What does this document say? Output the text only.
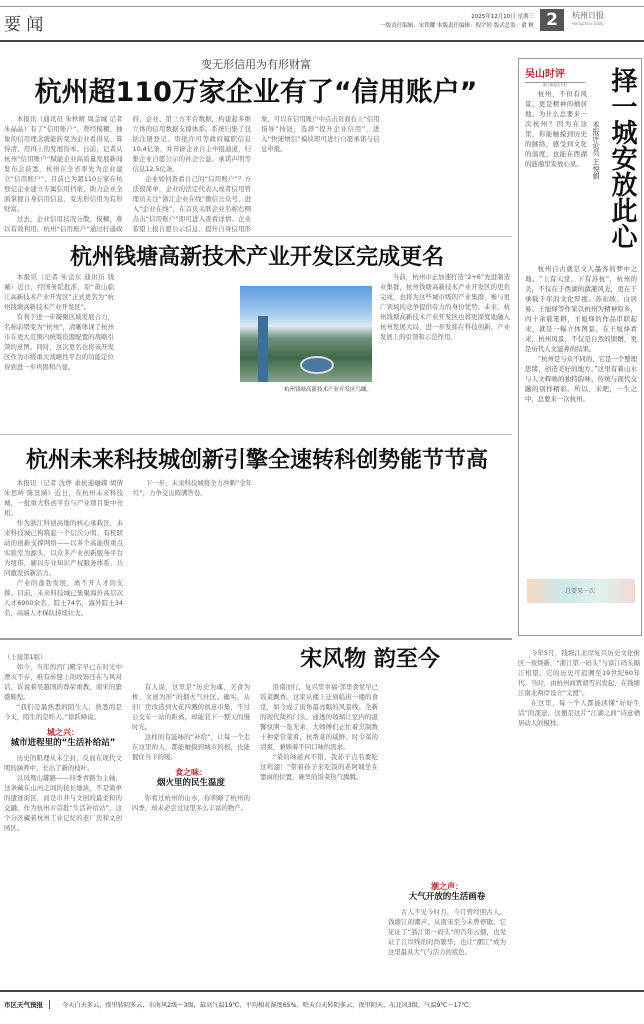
要 闻	2025年12月10日 星期三
一版责任编辑：宋铁耀 本版责任编辑：倪宇婷 版式总监：俞 帆 2	杭州日报
Hangzhou Daily
变无形信用为有形财富
杭州超110万家企业有了“信用账户”

本报讯（通讯员 朱秋晴 周金城 记者 朱晶晶）有了“信用账户”，曾经模糊、抽象的信用理念就能转变为企业看得见、算得清、用得上的发展资本。日前，记者从杭州“信用账户”赋能企业高质量发展新闻发布会获悉，杭州在全省率先为企业建立“信用账户”，目前已为超110万家在杭登记企业建立专属信用档案，助力企业全面掌握自身信用信息，变无形信用为有形财富。

过去，企业信用状况分散、模糊，难以有效利用。杭州“信用账户”通过打通政府、企业、第三方平台数据，构建起多维立体的信用数据支撑体系。系统归集了包括注册登记、审批许可等政府履职信息10.4亿条，并开辟企业自主申报通道，归集企业自愿公示的社会公益、承诺声明等信息12.5亿条。

企业如何查看自己的“信用账户”？方法很简单，企业的法定代表人或者信用管理员关注“浙江企业在线”微信公众号，进入“企业在线”，在首页关联企业名称右侧点击“信用账户”即可进入查看详情。企业希望上报自愿公示信息、提升自身信用形象，可以在信用账户中点击页面右上“信用指导”按钮，选择“提升企业信用”，进入“快速增信”模块即可进行自愿承诺与信息申报。

吴山时评
浙江新闻名专栏	择一城安放此心
本报评论员 王悦娟

杭州，不但有风景，更是精神的栖居地。为什么总要来一次杭州？因为在这里，你能触摸到历史的脉络，感受到文化的温度，也能在西湖的涟漪里安放心灵。

杭州自古就是文人墨客的梦中之地。“上有天堂，下有苏杭”，杭州的美，不仅在于西湖的潋滟风光，更在于承载千年的文化厚度。苏东坡、白居易、王旭烽等作家以杭州为精神原乡，四十余载笔耕，王旭烽的作品串联起来，就是一幅立体图景。在王旭烽看来，杭州风景，不仅是自然的馈赠，更是历代人文滋养的结果。

“杭州是与众不同的，它是一个整理思绪、创造美好的地方。”这里有着山水与人文辉映的独特韵味，传统与现代交融的别样精彩。所以，来吧，一生之中，总要来一次杭州。

总要来一次
杭州钱塘高新技术产业开发区完成更名

本报讯（记者 朱金东 通讯员 钱薇）近日，经国务院批准，原“萧山临江高新技术产业开发区”正式更名为“杭州钱塘高新技术产业开发区”。

有利于进一步凝聚区域发展合力，名称前缀变为“杭州”，清晰体现了杭州市在更大范围内统筹资源配置的战略引领的意图。同时，这次更名也将该开发区作为市级重大战略性平台的功能定位得到进一步巩固和凸显。

杭州钱塘高新技术产业开发区鸟瞰。

当前，杭州市正加速打造“2+6”先进制造业集群，杭州钱塘高新技术产业开发区的更名完成，也将为这些城市级的产业集群、参与更广领域的竞争提供有力的身份优势。未来，杭州钱塘高新技术产业开发区也将更深度地融入杭州发展大局，进一步发挥在科技创新、产业发展上的引领和示范作用。

杭州未来科技城创新引擎全速转科创势能节节高

本报讯（记者 沈烨 余杭通融媒 胡倩 朱思岭 陈昱涵）近日，在杭州未来科技城，一批重大科创平台与产业项目集中亮相。

作为浙江科创高地的核心承载区，未来科技城已构筑起一个层次分明、有机联动的创新支撑网络——以多个高能级重点实验室为源头，以众多产业创新服务平台为纽带，辅以专业知识产权服务体系，共同激发创新活力。

产业的蓬勃发展，离不开人才的支撑。目前，未来科技城已集聚海外高层次人才6900余名，院士74名，海外院士34名，高端人才梯队持续壮大。

下一步，未来科技城将全力冲刺“全年红”，力争交出圆满答卷。

宋风物 韵至今

（上接第1版）

如今，当年的宫门殿宇早已在时光中湮灭不存，唯有砖缝上的纹饰还在与风对话，诉说着吴越国的尊荣重教、南宋的繁盛辉煌。

“我们是最熟悉的陌生人，熟悉的是今天，陌生的是昨天。”徐跃峰说。

城之兴：
城市进程里的“生活补给站”

历史的肌理从未尘封，反而在现代文明的涵养中，长出了新的枝叶。

以凤凰山脚路——四季青路为主轴，这条藏在山河之间的狭长地块，不是简单的遗迹街区，而是市井与文创的最柔和的交融。作为杭州市首批“生活补给站”，这个分区藏着杭州工业记忆的老厂房和文创园区。

有人说，这里是“历史为魂、美食为桥、文创为形”的烟火气社区。确实，从旧厂房改造到火花四溅的创意市集，不过公交车一站的距离，却能装下一整天的慢时光。

这样的有滋味的“补给”，让每一个走在这里的人，都能触摸到城市的根，也能握住当下的暖。

食之味：
烟火里的民生温度

你看过杭州的山水，你领略了杭州的四季，却未必尝过这里多么丰富的物产。

沿南而行，复兴里幸福·邻里食堂早已饭菜飘香。这家从楼上迁到临街一楼的食堂，如今成了街角最亮眼的风景线。全新的现代简约门头，通透的玻璃让室内的温馨氛围一览无余，大师傅们正忙着烹制数十种家常菜肴，杭帮菜的咸鲜、时令菜的清爽，兼顾着不同口味的需求。

“菜的味道真不错，我孙子点名要吃这鸡翅！”带着孙子来吃饭的老阿姨坐在靠窗的位置，碗里的饭菜热气腾腾。

潮之声：
大气开放的生活画卷

古人不见今时月，今月曾经照古人。钱塘江的潮声，从南宋至今未曾停歇。它见证了“浙江第一码头”的百年云烟，也见证了江岸线的时尚繁华，也让“潮江”成为这里最具大气与活力的底色。

今年5月，钱塘江北岸复兴历史文化街区一夜焕新，“浙江第一码头”与富江码头隔江相望。它的历史可追溯至19世纪60年代。当时，由杭州商贾胡雪岩发起，在钱塘江南北两岸设立“义渡”。

在这里，每一个人都能读懂“好好生活”的深意，这便是这片“江湖之间”诗意栖居动人的模样。

市区天气预报	今天白天多云，夜里转阴多云，东南风2级～3级，最高气温19℃，平均相对湿度65%。明天白天转阴多云，夜里阴天，东北风3级，气温9℃～17℃。
